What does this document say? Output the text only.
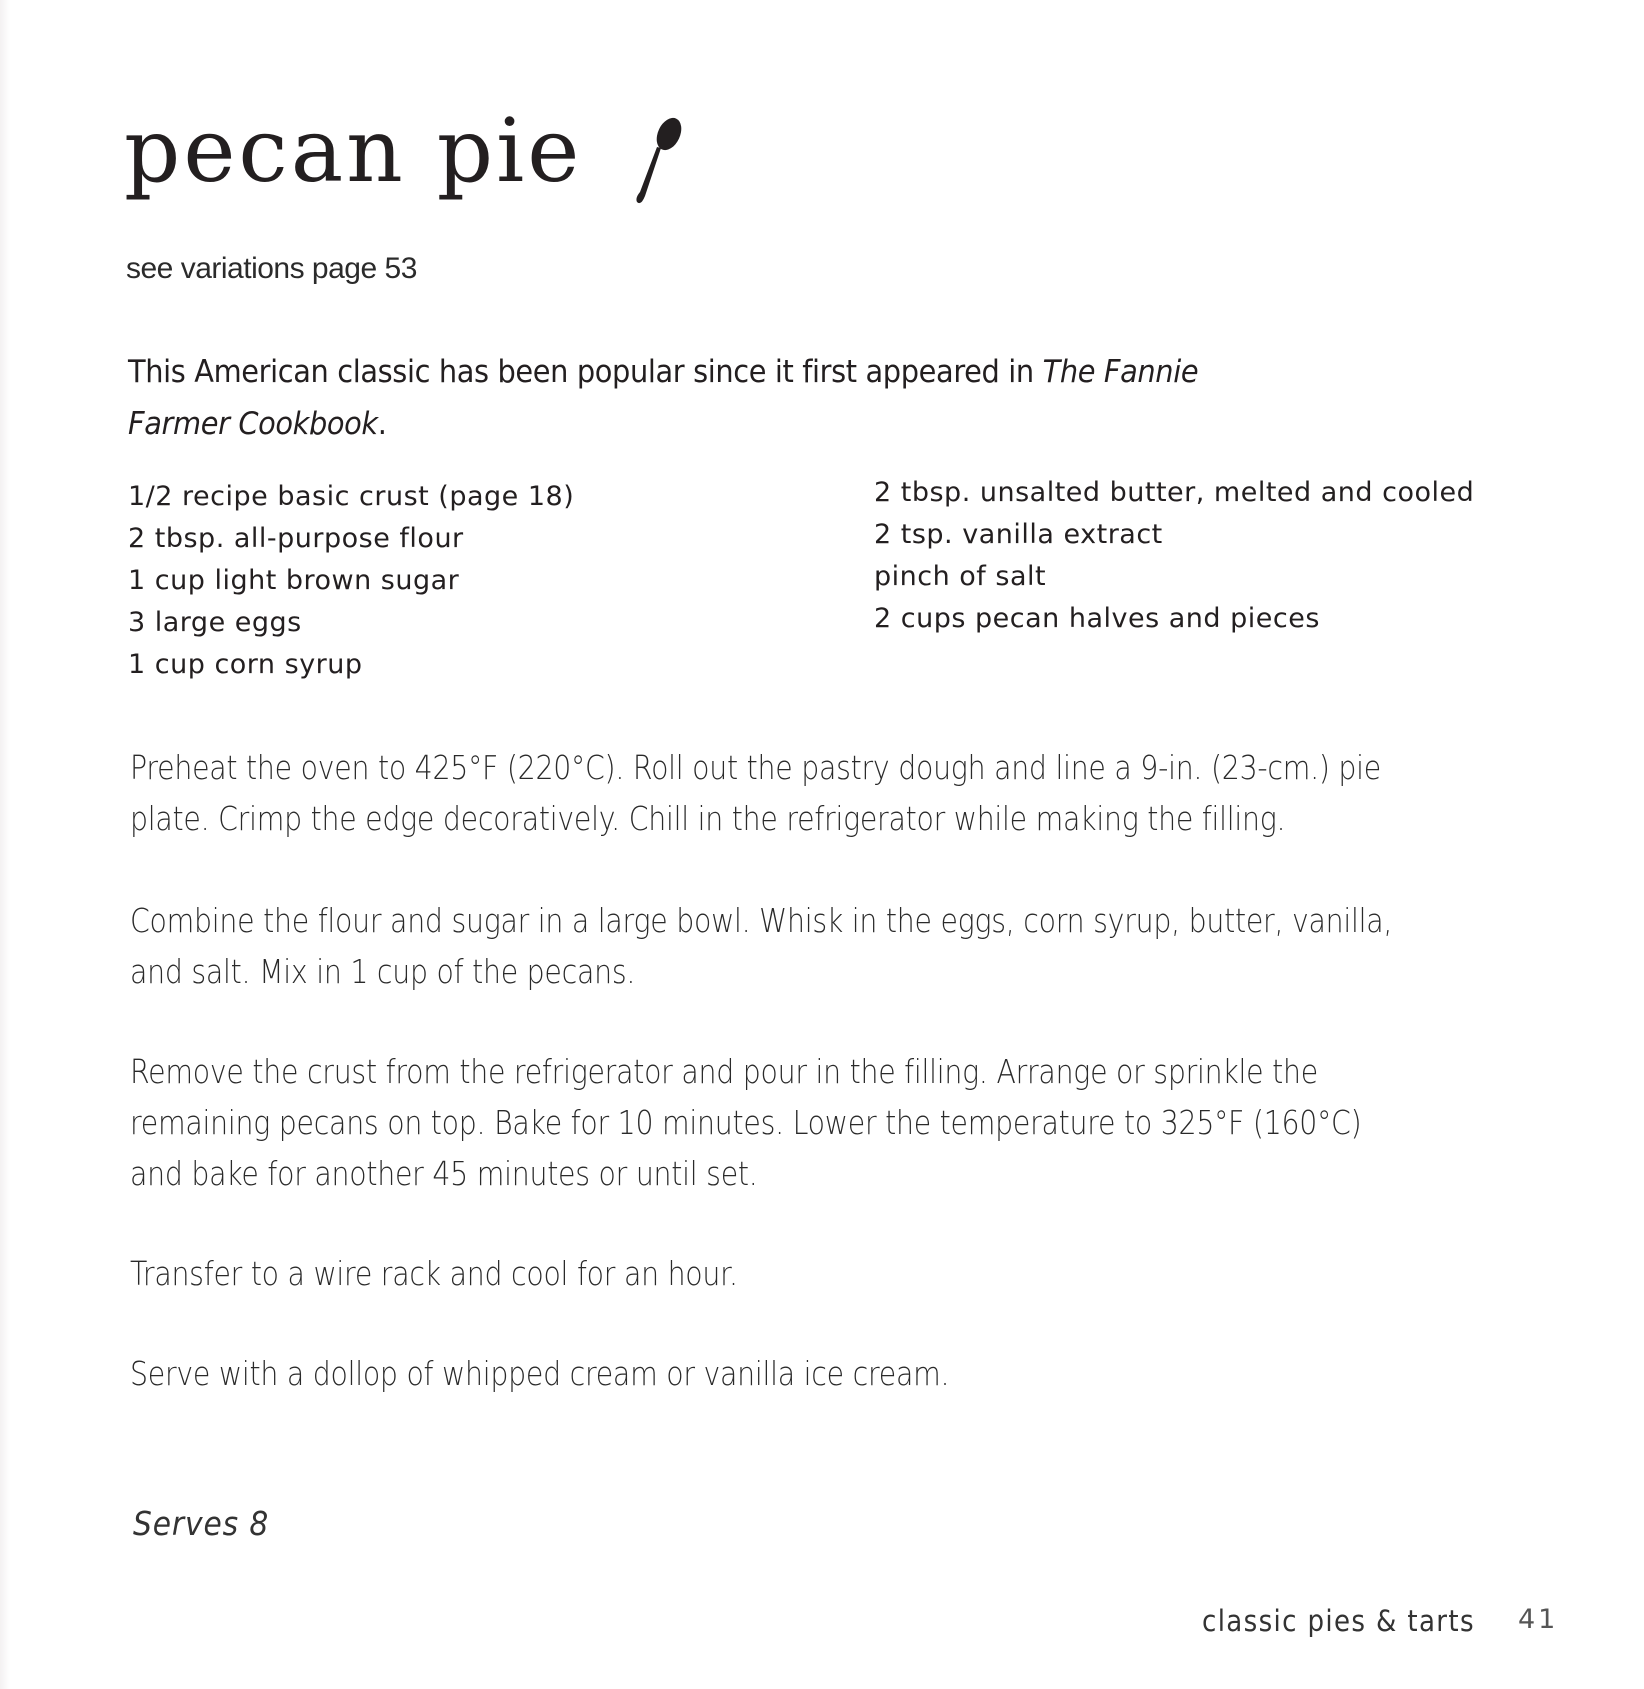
pecan pie
see variations page 53

This American classic has been popular since it first appeared in The Fannie Farmer Cookbook.

1/2 recipe basic crust (page 18)
2 tbsp. all-purpose flour
1 cup light brown sugar
3 large eggs
1 cup corn syrup
2 tbsp. unsalted butter, melted and cooled
2 tsp. vanilla extract
pinch of salt
2 cups pecan halves and pieces

Preheat the oven to 425°F (220°C). Roll out the pastry dough and line a 9-in. (23-cm.) pie plate. Crimp the edge decoratively. Chill in the refrigerator while making the filling.

Combine the flour and sugar in a large bowl. Whisk in the eggs, corn syrup, butter, vanilla, and salt. Mix in 1 cup of the pecans.

Remove the crust from the refrigerator and pour in the filling. Arrange or sprinkle the remaining pecans on top. Bake for 10 minutes. Lower the temperature to 325°F (160°C) and bake for another 45 minutes or until set.

Transfer to a wire rack and cool for an hour.

Serve with a dollop of whipped cream or vanilla ice cream.

Serves 8

classic pies & tarts 41
